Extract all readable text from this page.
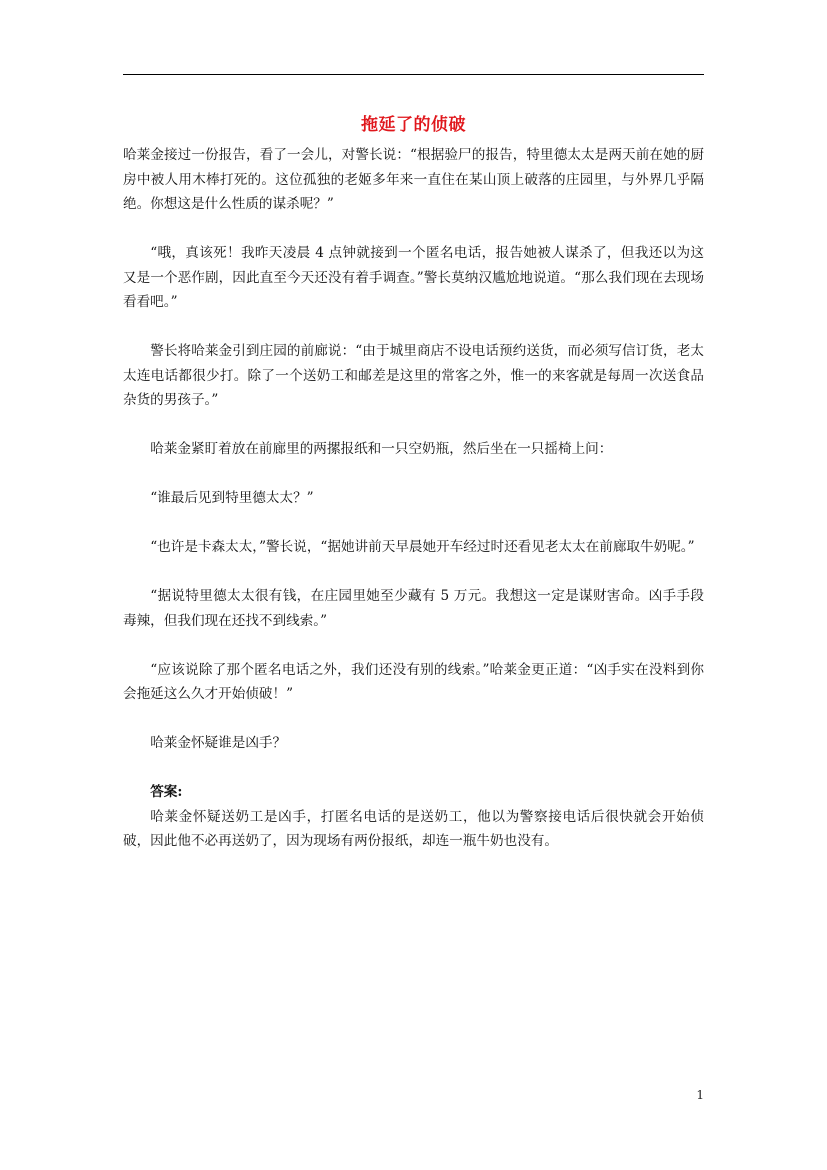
拖延了的侦破

哈莱金接过一份报告，看了一会儿，对警长说：“根据验尸的报告，特里德太太是两天前在她的厨房中被人用木棒打死的。这位孤独的老姬多年来一直住在某山顶上破落的庄园里，与外界几乎隔绝。你想这是什么性质的谋杀呢？”

“哦，真该死！我昨天凌晨 4 点钟就接到一个匿名电话，报告她被人谋杀了，但我还以为这又是一个恶作剧，因此直至今天还没有着手调查。”警长莫纳汉尴尬地说道。“那么我们现在去现场看看吧。”

警长将哈莱金引到庄园的前廊说：“由于城里商店不设电话预约送货，而必须写信订货，老太太连电话都很少打。除了一个送奶工和邮差是这里的常客之外，惟一的来客就是每周一次送食品杂货的男孩子。”

哈莱金紧盯着放在前廊里的两摞报纸和一只空奶瓶，然后坐在一只摇椅上问：

“谁最后见到特里德太太？”

“也许是卡森太太，”警长说，“据她讲前天早晨她开车经过时还看见老太太在前廊取牛奶呢。”

“据说特里德太太很有钱，在庄园里她至少藏有 5 万元。我想这一定是谋财害命。凶手手段毒辣，但我们现在还找不到线索。”

“应该说除了那个匿名电话之外，我们还没有别的线索。”哈莱金更正道：“凶手实在没料到你会拖延这么久才开始侦破！”

哈莱金怀疑谁是凶手？

答案:

哈莱金怀疑送奶工是凶手，打匿名电话的是送奶工，他以为警察接电话后很快就会开始侦破，因此他不必再送奶了，因为现场有两份报纸，却连一瓶牛奶也没有。

1
